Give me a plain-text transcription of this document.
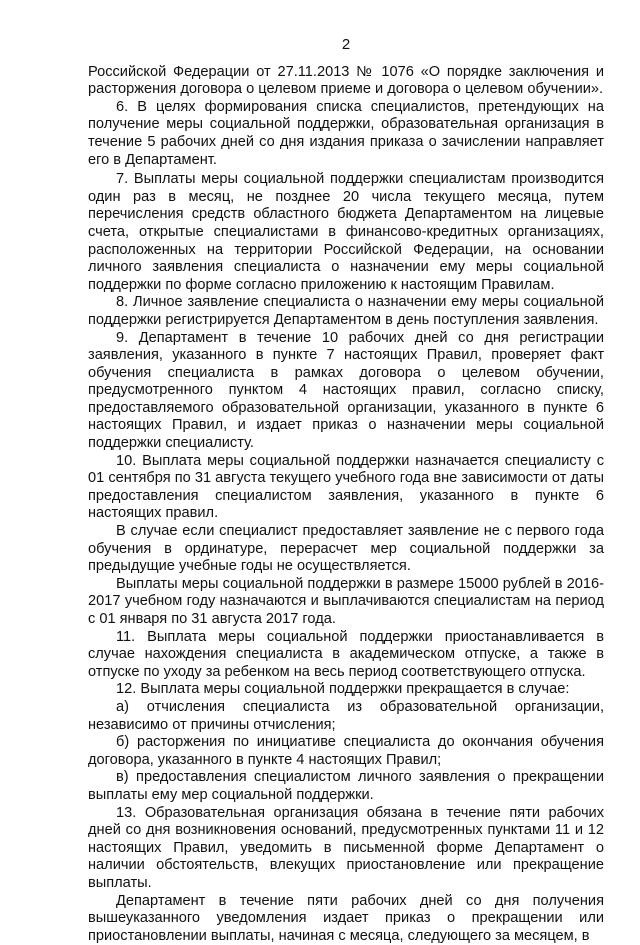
2

Российской Федерации от 27.11.2013 № 1076 «О порядке заключения и расторжения договора о целевом приеме и договора о целевом обучении».

6. В целях формирования списка специалистов, претендующих на получение меры социальной поддержки, образовательная организация в течение 5 рабочих дней со дня издания приказа о зачислении направляет его в Департамент.

7. Выплаты меры социальной поддержки специалистам производится один раз в месяц, не позднее 20 числа текущего месяца, путем перечисления средств областного бюджета Департаментом на лицевые счета, открытые специалистами в финансово-кредитных организациях, расположенных на территории Российской Федерации, на основании личного заявления специалиста о назначении ему меры социальной поддержки по форме согласно приложению к настоящим Правилам.

8. Личное заявление специалиста о назначении ему меры социальной поддержки регистрируется Департаментом в день поступления заявления.

9. Департамент в течение 10 рабочих дней со дня регистрации заявления, указанного в пункте 7 настоящих Правил, проверяет факт обучения специалиста в рамках договора о целевом обучении, предусмотренного пунктом 4 настоящих правил, согласно списку, предоставляемого образовательной организации, указанного в пункте 6 настоящих Правил, и издает приказ о назначении меры социальной поддержки специалисту.

10. Выплата меры социальной поддержки назначается специалисту с 01 сентября по 31 августа текущего учебного года вне зависимости от даты предоставления специалистом заявления, указанного в пункте 6 настоящих правил.

В случае если специалист предоставляет заявление не с первого года обучения в ординатуре, перерасчет мер социальной поддержки за предыдущие учебные годы не осуществляется.

Выплаты меры социальной поддержки в размере 15000 рублей в 2016-2017 учебном году назначаются и выплачиваются специалистам на период с 01 января по 31 августа 2017 года.

11. Выплата меры социальной поддержки приостанавливается в случае нахождения специалиста в академическом отпуске, а также в отпуске по уходу за ребенком на весь период соответствующего отпуска.

12. Выплата меры социальной поддержки прекращается в случае:

а) отчисления специалиста из образовательной организации, независимо от причины отчисления;

б) расторжения по инициативе специалиста до окончания обучения договора, указанного в пункте 4 настоящих Правил;

в) предоставления специалистом личного заявления о прекращении выплаты ему мер социальной поддержки.

13. Образовательная организация обязана в течение пяти рабочих дней со дня возникновения оснований, предусмотренных пунктами 11 и 12 настоящих Правил, уведомить в письменной форме Департамент о наличии обстоятельств, влекущих приостановление или прекращение выплаты.

Департамент в течение пяти рабочих дней со дня получения вышеуказанного уведомления издает приказ о прекращении или приостановлении выплаты, начиная с месяца, следующего за месяцем, в
